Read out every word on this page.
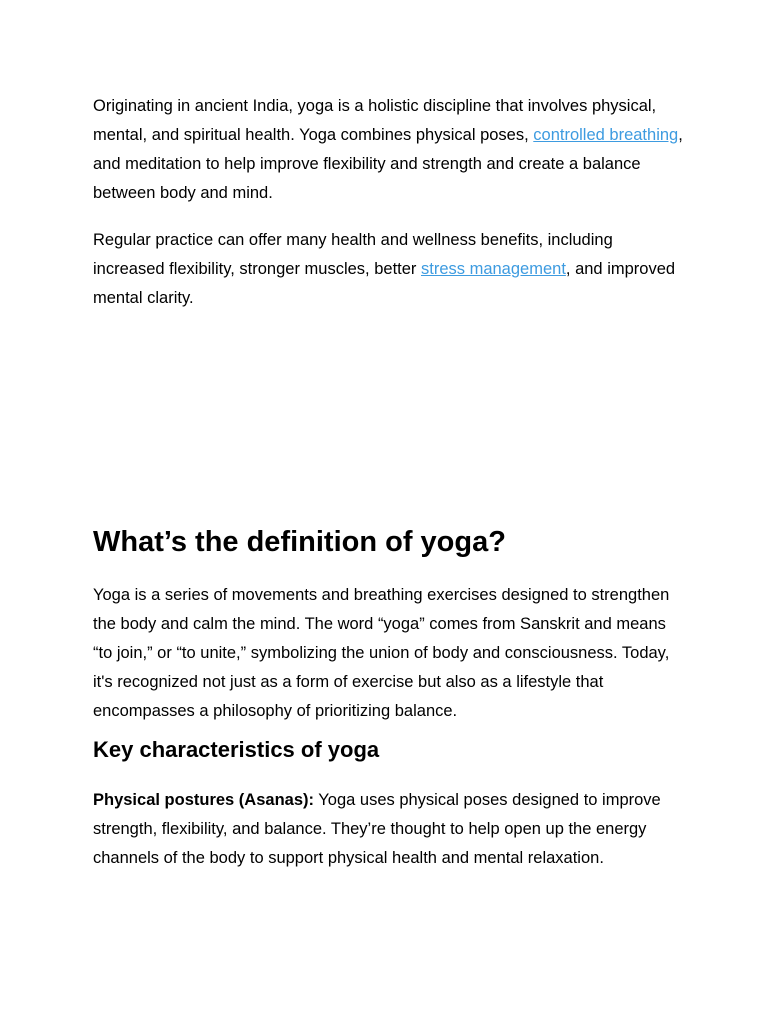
Originating in ancient India, yoga is a holistic discipline that involves physical, mental, and spiritual health. Yoga combines physical poses, controlled breathing, and meditation to help improve flexibility and strength and create a balance between body and mind.

Regular practice can offer many health and wellness benefits, including increased flexibility, stronger muscles, better stress management, and improved mental clarity.

What’s the definition of yoga?

Yoga is a series of movements and breathing exercises designed to strengthen the body and calm the mind. The word “yoga” comes from Sanskrit and means “to join,” or “to unite,” symbolizing the union of body and consciousness. Today, it's recognized not just as a form of exercise but also as a lifestyle that encompasses a philosophy of prioritizing balance.

Key characteristics of yoga

Physical postures (Asanas): Yoga uses physical poses designed to improve strength, flexibility, and balance. They’re thought to help open up the energy channels of the body to support physical health and mental relaxation.
